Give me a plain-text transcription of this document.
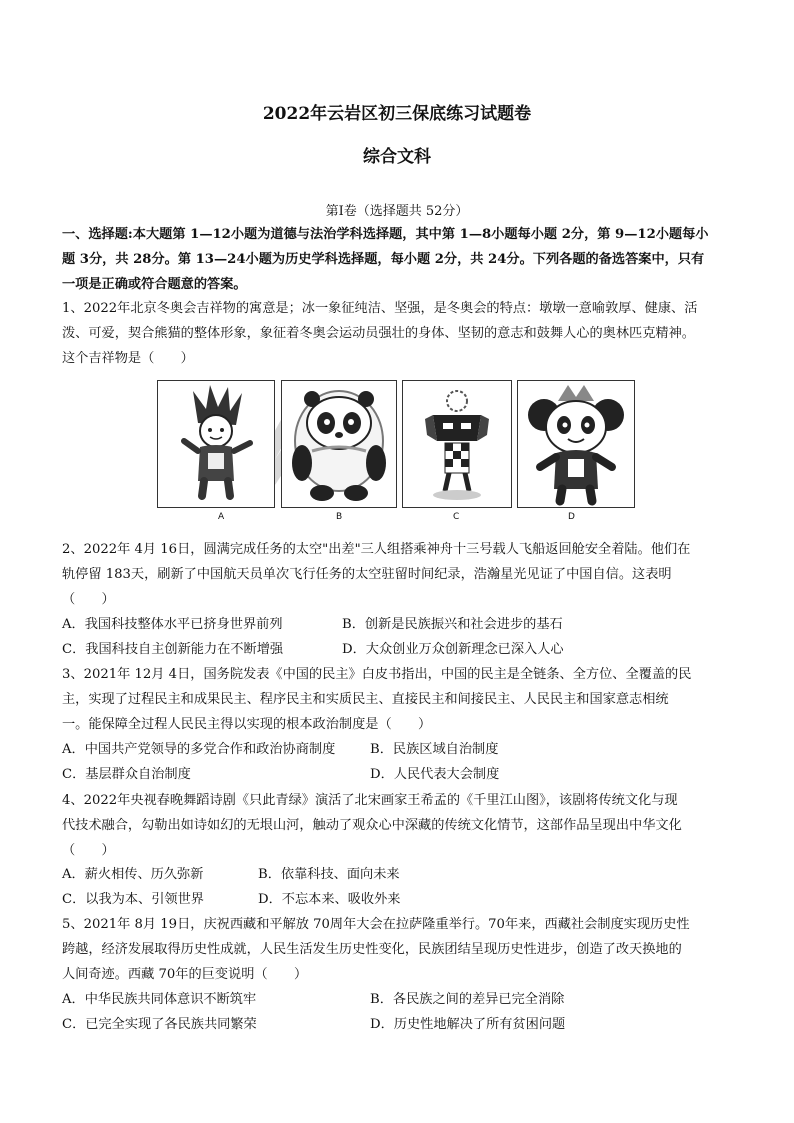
2022年云岩区初三保底练习试题卷
综合文科
第Ⅰ卷（选择题共 52分）
一、选择题:本大题第 1—12小题为道德与法治学科选择题，其中第 1—8小题每小题 2分，第 9—12小题每小
题 3分，共 28分。第 13—24小题为历史学科选择题，每小题 2分，共 24分。下列各题的备选答案中，只有
一项是正确或符合题意的答案。
1、2022年北京冬奥会吉祥物的寓意是；冰一象征纯洁、坚强，是冬奥会的特点：墩墩一意喻敦厚、健康、活
泼、可爱，契合熊猫的整体形象，象征着冬奥会运动员强壮的身体、坚韧的意志和鼓舞人心的奥林匹克精神。
这个吉祥物是（　　）
A	B	C	D
2、2022年 4月 16日，圆满完成任务的太空"出差"三人组搭乘神舟十三号载人飞船返回舱安全着陆。他们在
轨停留 183天，刷新了中国航天员单次飞行任务的太空驻留时间纪录，浩瀚星光见证了中国自信。这表明
（　　）
A．我国科技整体水平已挤身世界前列	B．创新是民族振兴和社会进步的基石
C．我国科技自主创新能力在不断增强	D．大众创业万众创新理念已深入人心
3、2021年 12月 4日，国务院发表《中国的民主》白皮书指出，中国的民主是全链条、全方位、全覆盖的民
主，实现了过程民主和成果民主、程序民主和实质民主、直接民主和间接民主、人民民主和国家意志相统
一。能保障全过程人民民主得以实现的根本政治制度是（　　）
A．中国共产党领导的多党合作和政治协商制度	B．民族区域自治制度
C．基层群众自治制度	D．人民代表大会制度
4、2022年央视春晚舞蹈诗剧《只此青绿》演活了北宋画家王希孟的《千里江山图》，该剧将传统文化与现
代技术融合，勾勒出如诗如幻的无垠山河，触动了观众心中深藏的传统文化情节，这部作品呈现出中华文化
（　　）
A．薪火相传、历久弥新	B．依靠科技、面向未来
C．以我为本、引领世界	D．不忘本来、吸收外来
5、2021年 8月 19日，庆祝西藏和平解放 70周年大会在拉萨隆重举行。70年来，西藏社会制度实现历史性
跨越，经济发展取得历史性成就，人民生活发生历史性变化，民族团结呈现历史性进步，创造了改天换地的
人间奇迹。西藏 70年的巨变说明（　　）
A．中华民族共同体意识不断筑牢	B．各民族之间的差异已完全消除
C．已完全实现了各民族共同繁荣	D．历史性地解决了所有贫困问题
